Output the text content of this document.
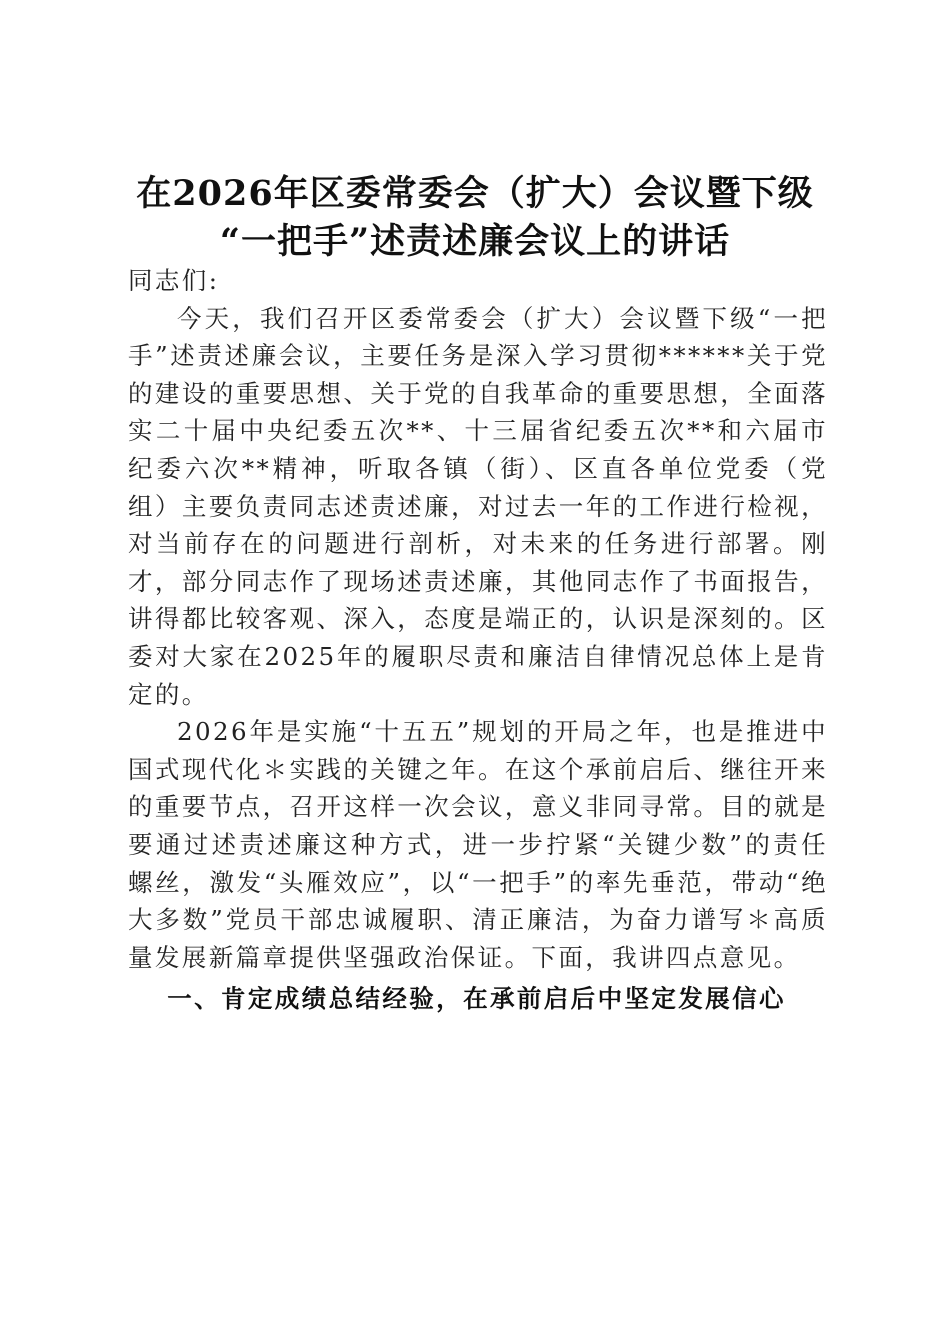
在2026年区委常委会（扩大）会议暨下级
“一把手”述责述廉会议上的讲话

同志们:

今天，我们召开区委常委会（扩大）会议暨下级“一把手”述责述廉会议，主要任务是深入学习贯彻******关于党的建设的重要思想、关于党的自我革命的重要思想，全面落实二十届中央纪委五次**、十三届省纪委五次**和六届市纪委六次**精神，听取各镇（街）、区直各单位党委（党组）主要负责同志述责述廉，对过去一年的工作进行检视，对当前存在的问题进行剖析，对未来的任务进行部署。刚才，部分同志作了现场述责述廉，其他同志作了书面报告，讲得都比较客观、深入，态度是端正的，认识是深刻的。区委对大家在2025年的履职尽责和廉洁自律情况总体上是肯定的。

2026年是实施“十五五”规划的开局之年，也是推进中国式现代化＊实践的关键之年。在这个承前启后、继往开来的重要节点，召开这样一次会议，意义非同寻常。目的就是要通过述责述廉这种方式，进一步拧紧“关键少数”的责任螺丝，激发“头雁效应”，以“一把手”的率先垂范，带动“绝大多数”党员干部忠诚履职、清正廉洁，为奋力谱写＊高质量发展新篇章提供坚强政治保证。下面，我讲四点意见。

一、肯定成绩总结经验，在承前启后中坚定发展信心
